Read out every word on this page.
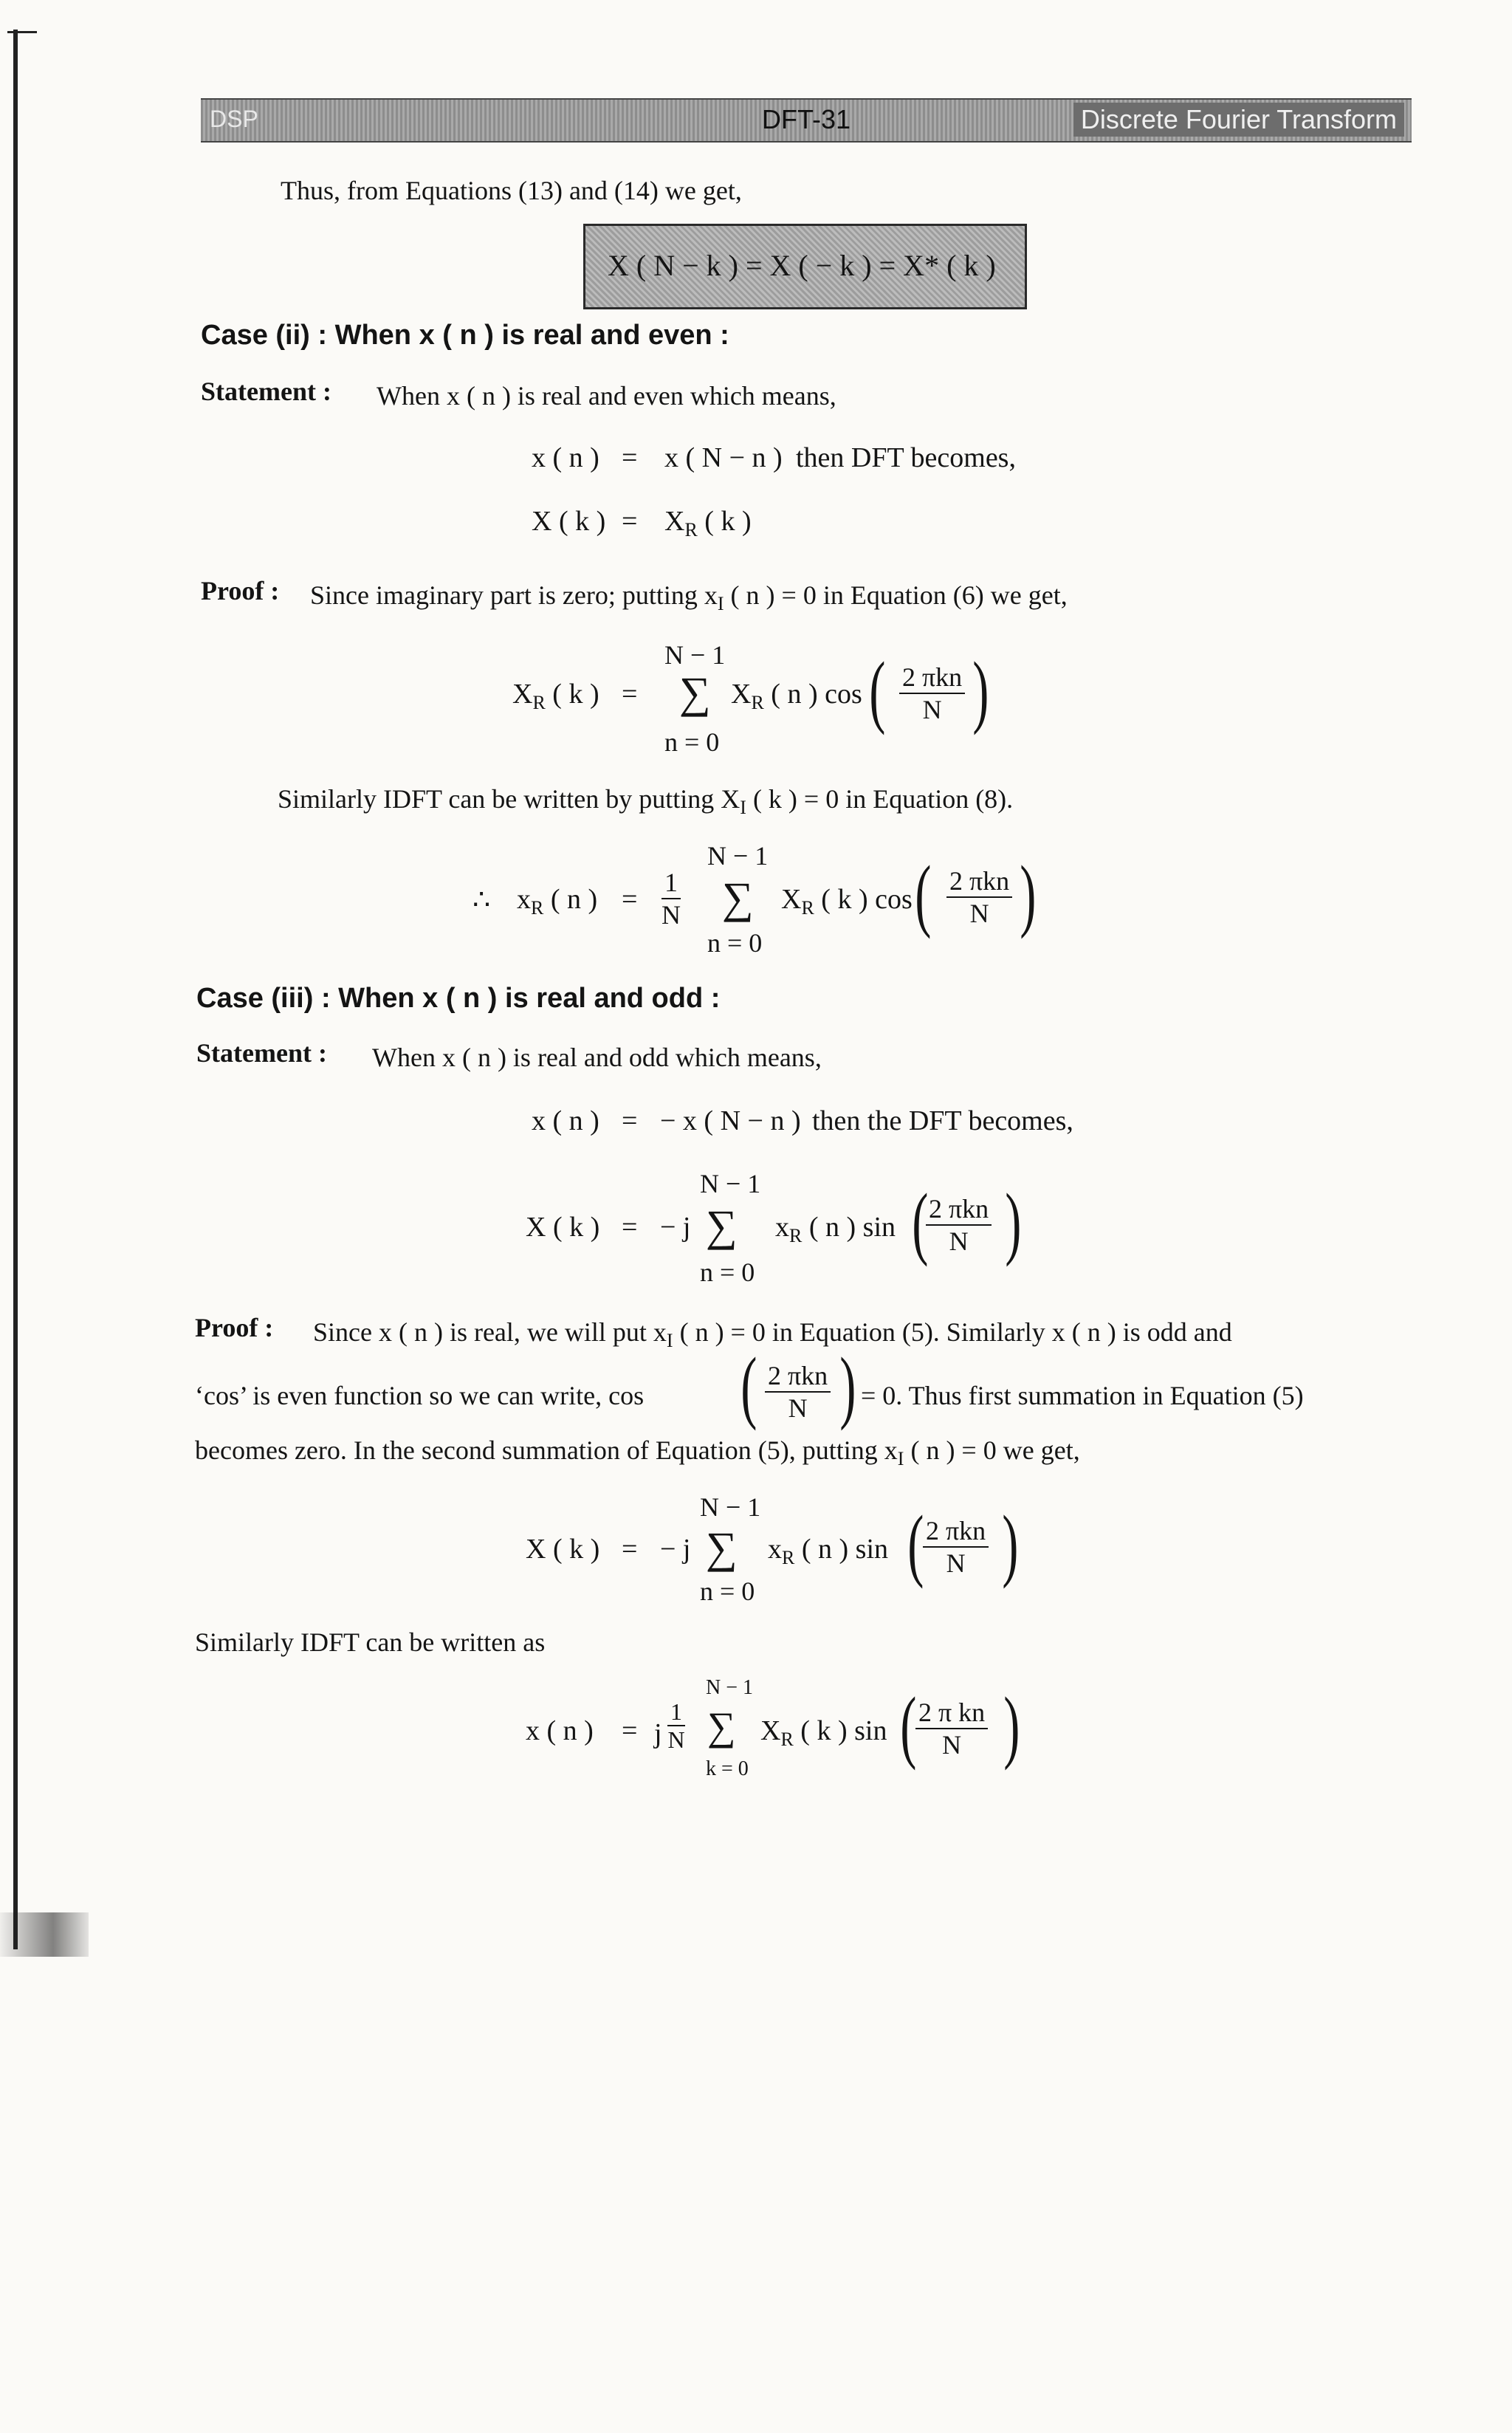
DSP	DFT-31	Discrete Fourier Transform
Thus, from Equations (13) and (14) we get,
X ( N − k ) = X ( − k ) = X* ( k )
Case (ii) : When x ( n ) is real and even :
Statement : When x ( n ) is real and even which means,
x ( n ) = x ( N − n ) then DFT becomes,
X ( k ) = $X_R$ ( k )
Proof : Since imaginary part is zero; putting $x_I$ ( n ) = 0 in Equation (6) we get,
N − 1
$X_R$ ( k ) = ∑ $X_R$ ( n ) cos ( 2 πkn
N )
n = 0
Similarly IDFT can be written by putting $X_I$ ( k ) = 0 in Equation (8).
N − 1
∴ $x_R$ ( n ) = $\frac{1}{N}$ ∑ $X_R$ ( k ) cos ( 2 πkn
N )
n = 0
Case (iii) : When x ( n ) is real and odd :
Statement : When x ( n ) is real and odd which means,
x ( n ) = − x ( N − n ) then the DFT becomes,
N − 1
X ( k ) = − j ∑ $x_R$ ( n ) sin ( 2 πkn
N )
n = 0
Proof : Since x ( n ) is real, we will put $x_I$ ( n ) = 0 in Equation (5). Similarly x ( n ) is odd and
‘cos’ is even function so we can write, cos ( 2 πkn
N ) = 0. Thus first summation in Equation (5)
becomes zero. In the second summation of Equation (5), putting $x_I$ ( n ) = 0 we get,
N − 1
X ( k ) = − j ∑ $x_R$ ( n ) sin ( 2 πkn
N )
n = 0
Similarly IDFT can be written as
N − 1
x ( n ) = j $\frac{1}{N}$ ∑ $X_R$ ( k ) sin (
$\frac{\text{2 π kn}}{N}$ )
k = 0
